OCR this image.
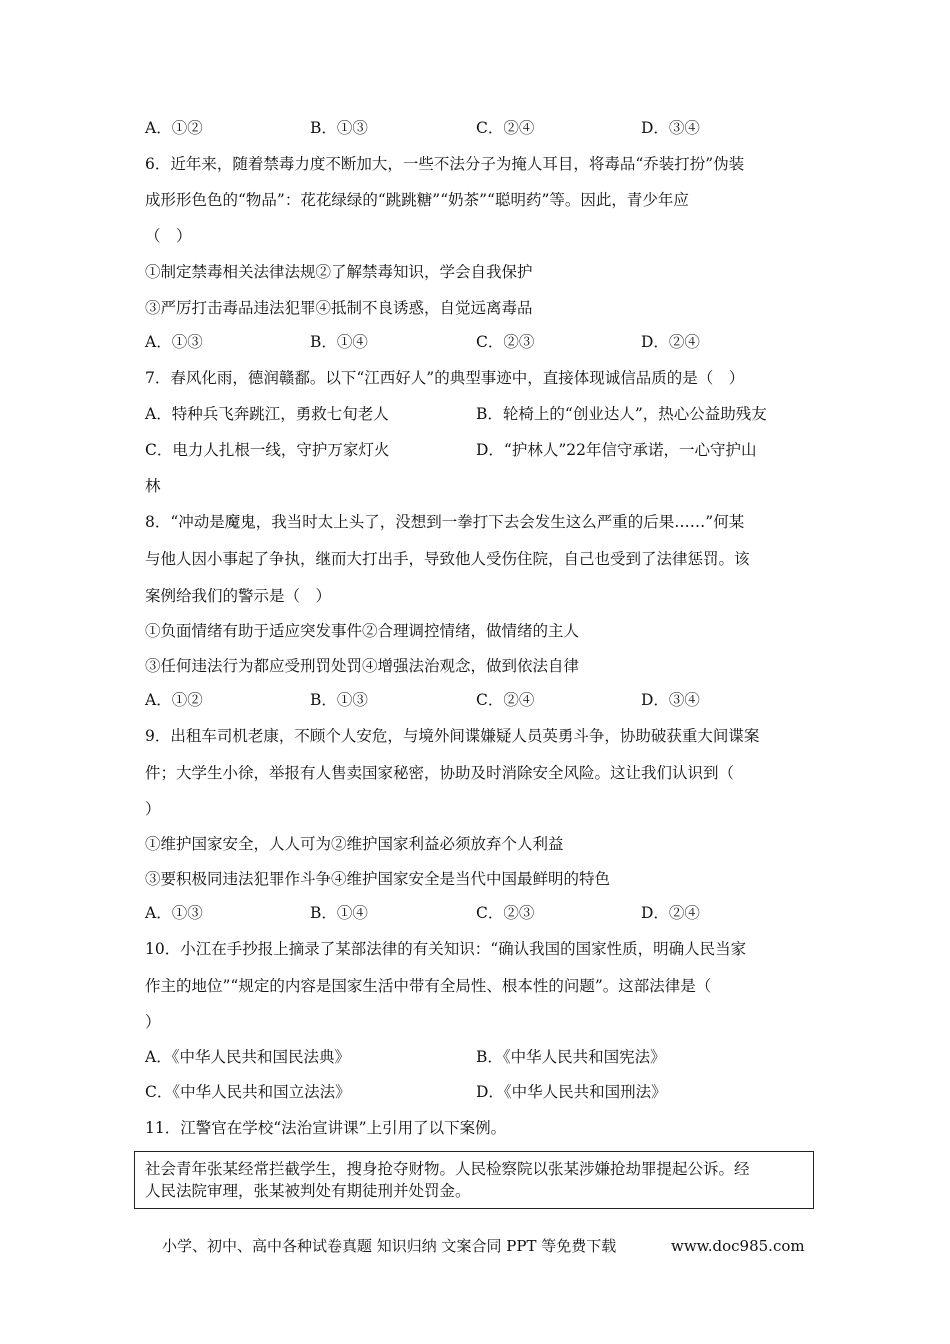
A．①②	B．①③	C．②④	D．③④
6．近年来，随着禁毒力度不断加大，一些不法分子为掩人耳目，将毒品“乔装打扮”伪装
成形形色色的“物品”：花花绿绿的“跳跳糖”“奶茶”“聪明药”等。因此，青少年应
（　）
①制定禁毒相关法律法规②了解禁毒知识，学会自我保护
③严厉打击毒品违法犯罪④抵制不良诱惑，自觉远离毒品
A．①③	B．①④	C．②③	D．②④
7．春风化雨，德润赣鄱。以下“江西好人”的典型事迹中，直接体现诚信品质的是（　）
A．特种兵飞奔跳江，勇救七旬老人	B．轮椅上的“创业达人”，热心公益助残友
C．电力人扎根一线，守护万家灯火	D．“护林人”22年信守承诺，一心守护山
林
8．“冲动是魔鬼，我当时太上头了，没想到一拳打下去会发生这么严重的后果……”何某
与他人因小事起了争执，继而大打出手，导致他人受伤住院，自己也受到了法律惩罚。该
案例给我们的警示是（　）
①负面情绪有助于适应突发事件②合理调控情绪，做情绪的主人
③任何违法行为都应受刑罚处罚④增强法治观念，做到依法自律
A．①②	B．①③	C．②④	D．③④
9．出租车司机老康，不顾个人安危，与境外间谍嫌疑人员英勇斗争，协助破获重大间谍案
件；大学生小徐，举报有人售卖国家秘密，协助及时消除安全风险。这让我们认识到（
）
①维护国家安全，人人可为②维护国家利益必须放弃个人利益
③要积极同违法犯罪作斗争④维护国家安全是当代中国最鲜明的特色
A．①③	B．①④	C．②③	D．②④
10．小江在手抄报上摘录了某部法律的有关知识：“确认我国的国家性质，明确人民当家
作主的地位”“规定的内容是国家生活中带有全局性、根本性的问题”。这部法律是（
）
A．《中华人民共和国民法典》	B．《中华人民共和国宪法》
C．《中华人民共和国立法法》	D．《中华人民共和国刑法》
11．江警官在学校“法治宣讲课”上引用了以下案例。
社会青年张某经常拦截学生，搜身抢夺财物。人民检察院以张某涉嫌抢劫罪提起公诉。经
人民法院审理，张某被判处有期徒刑并处罚金。
小学、初中、高中各种试卷真题 知识归纳 文案合同 PPT 等免费下载	www.doc985.com
